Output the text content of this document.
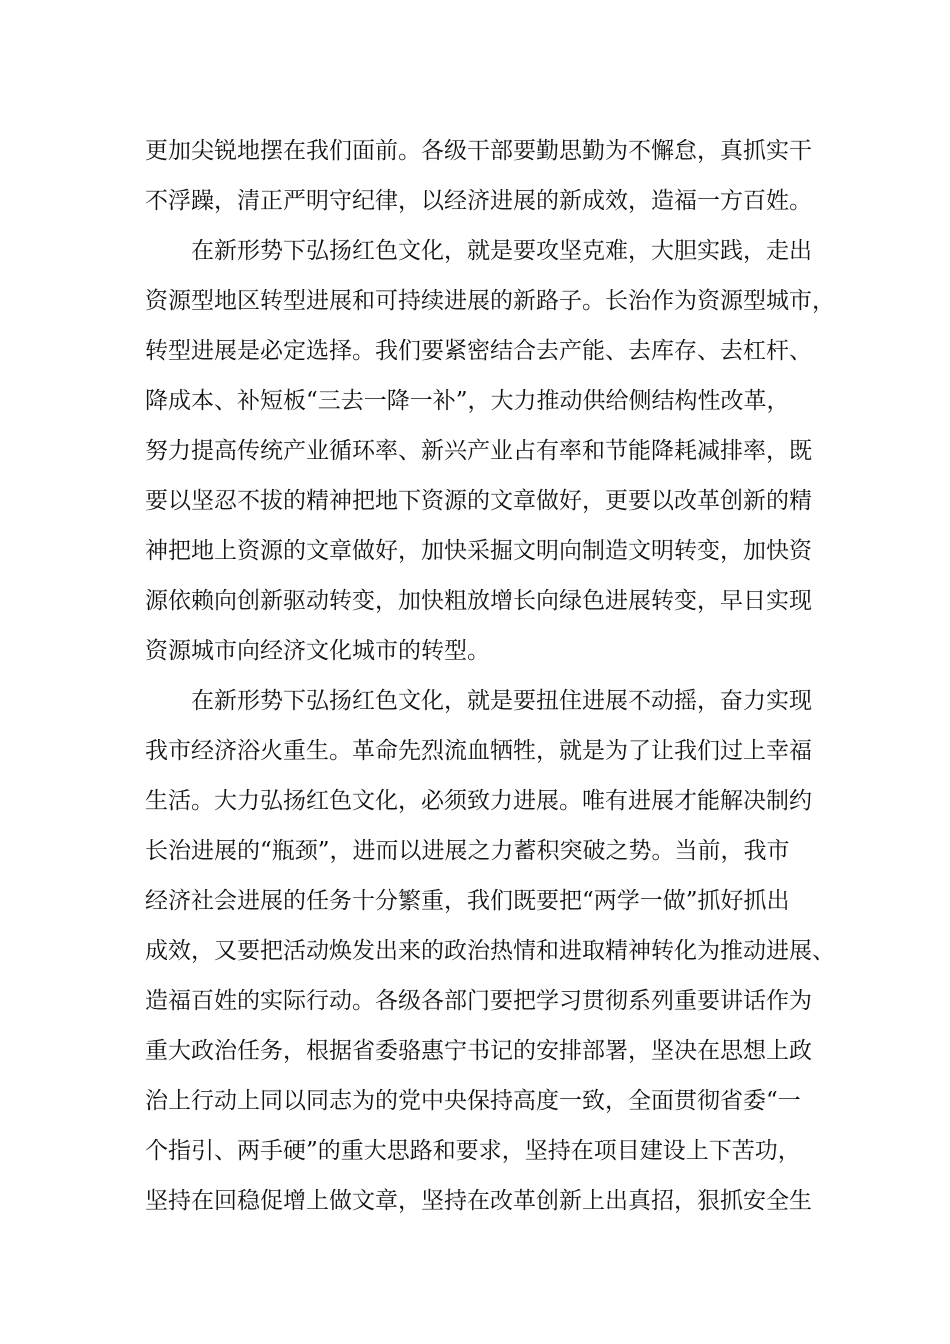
更加尖锐地摆在我们面前。各级干部要勤思勤为不懈怠，真抓实干
不浮躁，清正严明守纪律，以经济进展的新成效，造福一方百姓。
在新形势下弘扬红色文化，就是要攻坚克难，大胆实践，走出
资源型地区转型进展和可持续进展的新路子。长治作为资源型城市，
转型进展是必定选择。我们要紧密结合去产能、去库存、去杠杆、
降成本、补短板“三去一降一补”，大力推动供给侧结构性改革，
努力提高传统产业循环率、新兴产业占有率和节能降耗减排率，既
要以坚忍不拔的精神把地下资源的文章做好，更要以改革创新的精
神把地上资源的文章做好，加快采掘文明向制造文明转变，加快资
源依赖向创新驱动转变，加快粗放增长向绿色进展转变，早日实现
资源城市向经济文化城市的转型。
在新形势下弘扬红色文化，就是要扭住进展不动摇，奋力实现
我市经济浴火重生。革命先烈流血牺牲，就是为了让我们过上幸福
生活。大力弘扬红色文化，必须致力进展。唯有进展才能解决制约
长治进展的“瓶颈”，进而以进展之力蓄积突破之势。当前，我市
经济社会进展的任务十分繁重，我们既要把“两学一做”抓好抓出
成效，又要把活动焕发出来的政治热情和进取精神转化为推动进展、
造福百姓的实际行动。各级各部门要把学习贯彻系列重要讲话作为
重大政治任务，根据省委骆惠宁书记的安排部署，坚决在思想上政
治上行动上同以同志为的党中央保持高度一致，全面贯彻省委“一
个指引、两手硬”的重大思路和要求，坚持在项目建设上下苦功，
坚持在回稳促增上做文章，坚持在改革创新上出真招，狠抓安全生
